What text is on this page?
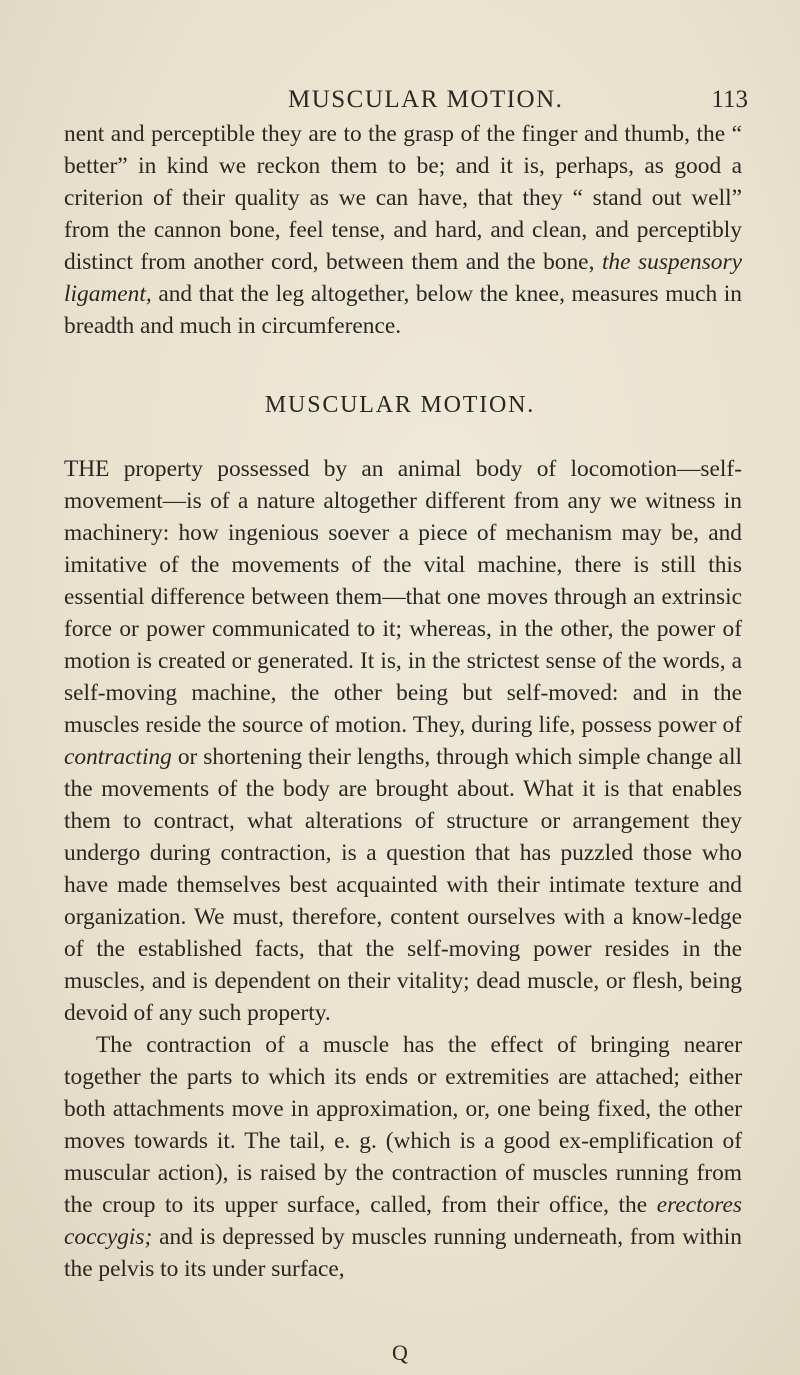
MUSCULAR MOTION.	113

nent and perceptible they are to the grasp of the finger and thumb, the “ better” in kind we reckon them to be; and it is, perhaps, as good a criterion of their quality as we can have, that they “ stand out well” from the cannon bone, feel tense, and hard, and clean, and perceptibly distinct from another cord, between them and the bone, the suspensory ligament, and that the leg altogether, below the knee, measures much in breadth and much in circumference.

MUSCULAR MOTION.

THE property possessed by an animal body of locomotion—self-movement—is of a nature altogether different from any we witness in machinery: how ingenious soever a piece of mechanism may be, and imitative of the movements of the vital machine, there is still this essential difference between them—that one moves through an extrinsic force or power communicated to it; whereas, in the other, the power of motion is created or generated. It is, in the strictest sense of the words, a self-moving machine, the other being but self-moved: and in the muscles reside the source of motion. They, during life, possess power of contracting or shortening their lengths, through which simple change all the movements of the body are brought about. What it is that enables them to contract, what alterations of structure or arrangement they undergo during contraction, is a question that has puzzled those who have made themselves best acquainted with their intimate texture and organization. We must, therefore, content ourselves with a know-ledge of the established facts, that the self-moving power resides in the muscles, and is dependent on their vitality; dead muscle, or flesh, being devoid of any such property.

The contraction of a muscle has the effect of bringing nearer together the parts to which its ends or extremities are attached; either both attachments move in approximation, or, one being fixed, the other moves towards it. The tail, e. g. (which is a good ex-emplification of muscular action), is raised by the contraction of muscles running from the croup to its upper surface, called, from their office, the erectores coccygis; and is depressed by muscles running underneath, from within the pelvis to its under surface,

Q
